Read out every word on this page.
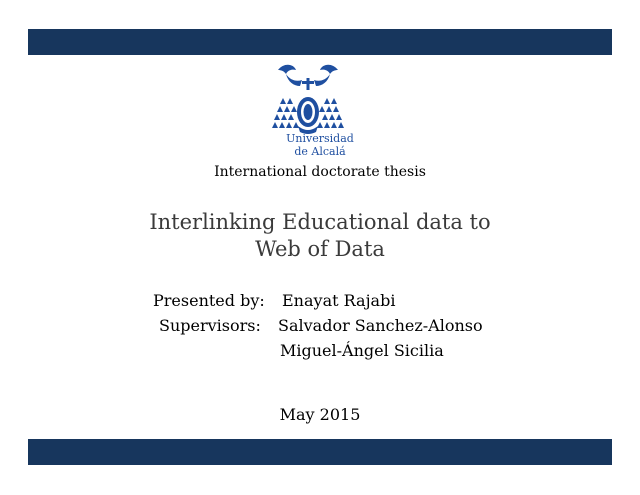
Universidad
de Alcalá
International doctorate thesis
Interlinking Educational data to
Web of Data
Presented by: Enayat Rajabi
Supervisors: Salvador Sanchez-Alonso
Miguel-Ángel Sicilia
May 2015
